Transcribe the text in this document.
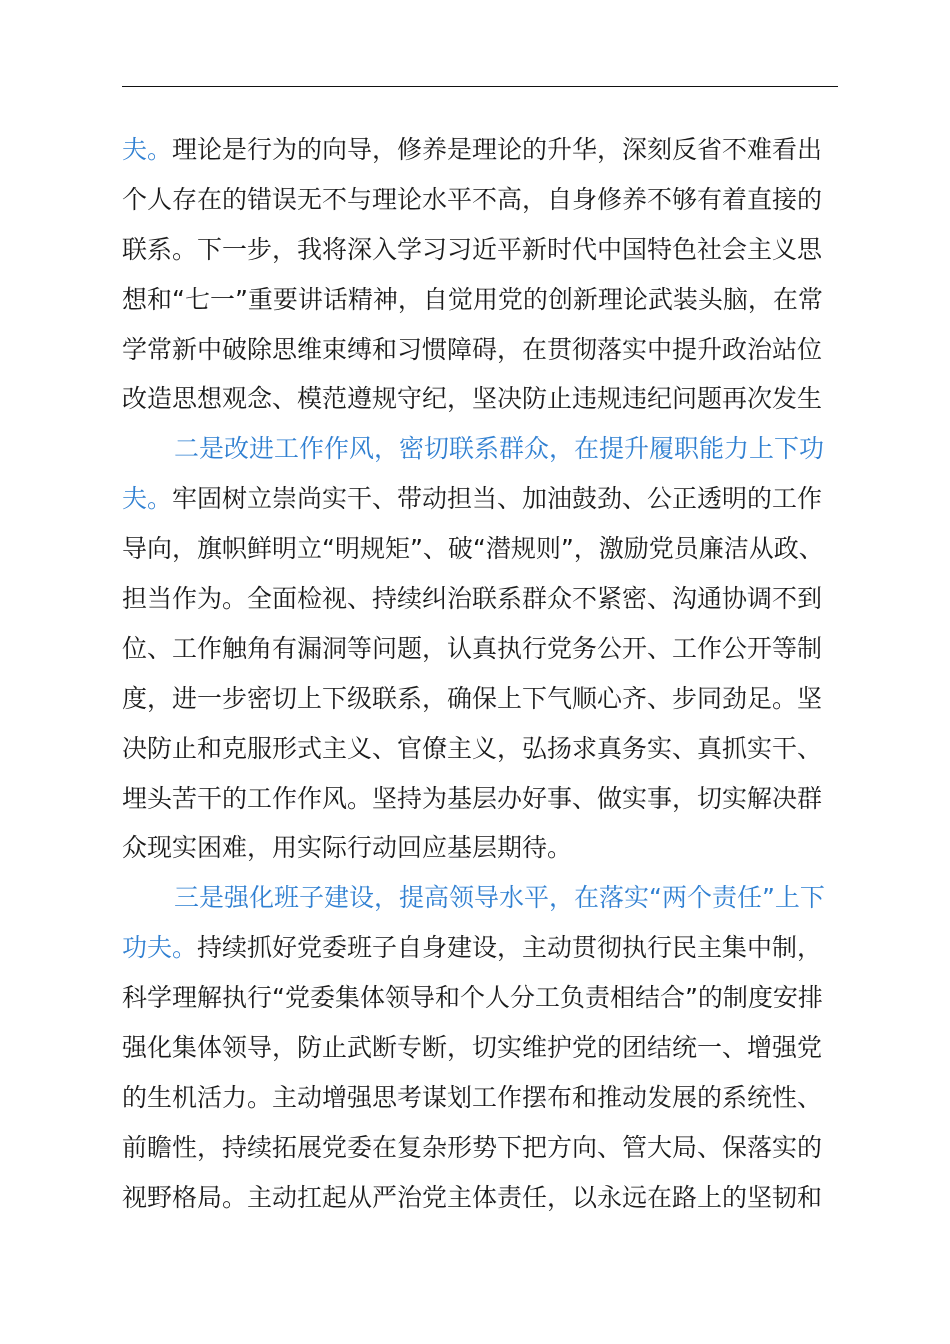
夫。理论是行为的向导，修养是理论的升华，深刻反省不难看出
个人存在的错误无不与理论水平不高，自身修养不够有着直接的
联系。下一步，我将深入学习习近平新时代中国特色社会主义思
想和“七一”重要讲话精神，自觉用党的创新理论武装头脑，在常
学常新中破除思维束缚和习惯障碍，在贯彻落实中提升政治站位
改造思想观念、模范遵规守纪，坚决防止违规违纪问题再次发生
二是改进工作作风，密切联系群众，在提升履职能力上下功
夫。牢固树立崇尚实干、带动担当、加油鼓劲、公正透明的工作
导向，旗帜鲜明立“明规矩”、破“潜规则”，激励党员廉洁从政、
担当作为。全面检视、持续纠治联系群众不紧密、沟通协调不到
位、工作触角有漏洞等问题，认真执行党务公开、工作公开等制
度，进一步密切上下级联系，确保上下气顺心齐、步同劲足。坚
决防止和克服形式主义、官僚主义，弘扬求真务实、真抓实干、
埋头苦干的工作作风。坚持为基层办好事、做实事，切实解决群
众现实困难，用实际行动回应基层期待。
三是强化班子建设，提高领导水平，在落实“两个责任”上下
功夫。持续抓好党委班子自身建设，主动贯彻执行民主集中制，
科学理解执行“党委集体领导和个人分工负责相结合”的制度安排
强化集体领导，防止武断专断，切实维护党的团结统一、增强党
的生机活力。主动增强思考谋划工作摆布和推动发展的系统性、
前瞻性，持续拓展党委在复杂形势下把方向、管大局、保落实的
视野格局。主动扛起从严治党主体责任，以永远在路上的坚韧和
